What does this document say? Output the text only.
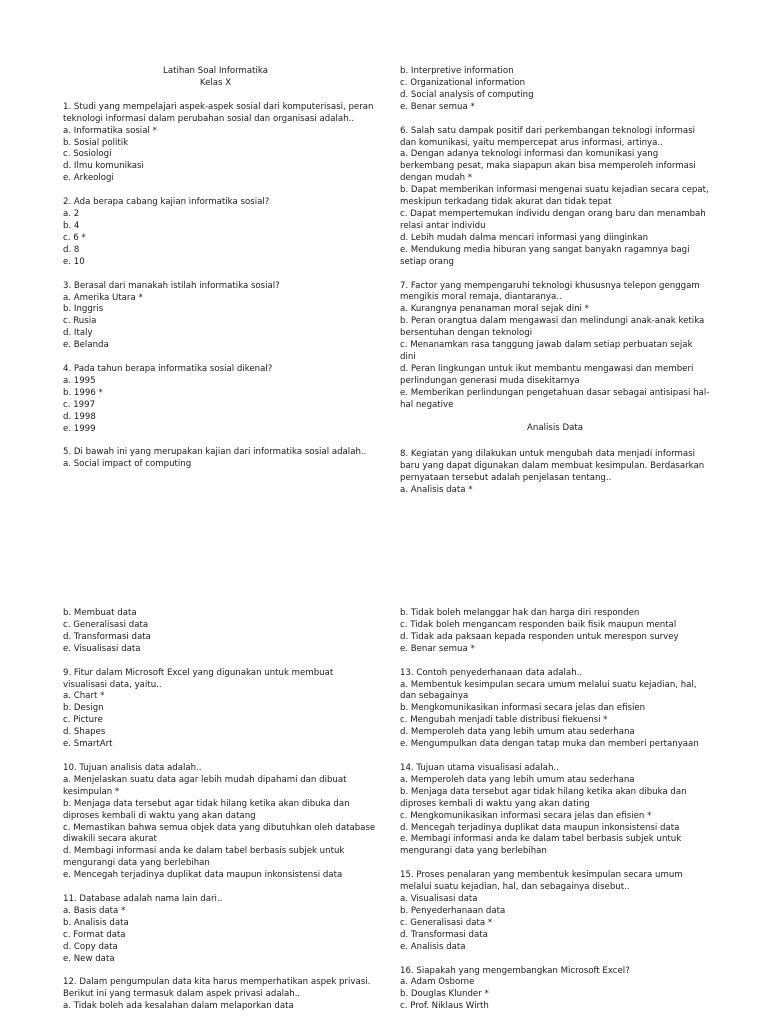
Latihan Soal Informatika

Kelas X

1. Studi yang mempelajari aspek-aspek sosial dari komputerisasi, peran teknologi informasi dalam perubahan sosial dan organisasi adalah..

a. Informatika sosial *

b. Sosial politik

c. Sosiologi

d. Ilmu komunikasi

e. Arkeologi

2. Ada berapa cabang kajian informatika sosial?

a. 2

b. 4

c. 6 *

d. 8

e. 10

3. Berasal dari manakah istilah informatika sosial?

a. Amerika Utara *

b. Inggris

c. Rusia

d. Italy

e. Belanda

4. Pada tahun berapa informatika sosial dikenal?

a. 1995

b. 1996 *

c. 1997

d. 1998

e. 1999

5. Di bawah ini yang merupakan kajian dari informatika sosial adalah..

a. Social impact of computing

b. Interpretive information

c. Organizational information

d. Social analysis of computing

e. Benar semua *

6. Salah satu dampak positif dari perkembangan teknologi informasi dan komunikasi, yaitu mempercepat arus informasi, artinya..

a. Dengan adanya teknologi informasi dan komunikasi yang berkembang pesat, maka siapapun akan bisa memperoleh informasi dengan mudah *

b. Dapat memberikan informasi mengenai suatu kejadian secara cepat, meskipun terkadang tidak akurat dan tidak tepat

c. Dapat mempertemukan individu dengan orang baru dan menambah relasi antar individu

d. Lebih mudah dalma mencari informasi yang diinginkan

e. Mendukung media hiburan yang sangat banyakn ragamnya bagi setiap orang

7. Factor yang mempengaruhi teknologi khususnya telepon genggam mengikis moral remaja, diantaranya..

a. Kurangnya penanaman moral sejak dini *

b. Peran orangtua dalam mengawasi dan melindungi anak-anak ketika bersentuhan dengan teknologi

c. Menanamkan rasa tanggung jawab dalam setiap perbuatan sejak dini

d. Peran lingkungan untuk ikut membantu mengawasi dan memberi perlindungan generasi muda disekitarnya

e. Memberikan perlindungan pengetahuan dasar sebagai antisipasi hal-hal negative

Analisis Data

8. Kegiatan yang dilakukan untuk mengubah data menjadi informasi baru yang dapat digunakan dalam membuat kesimpulan. Berdasarkan pernyataan tersebut adalah penjelasan tentang..

a. Analisis data *

b. Membuat data

c. Generalisasi data

d. Transformasi data

e. Visualisasi data

9. Fitur dalam Microsoft Excel yang digunakan untuk membuat visualisasi data, yaitu..

a. Chart *

b. Design

c. Picture

d. Shapes

e. SmartArt

10. Tujuan analisis data adalah..

a. Menjelaskan suatu data agar lebih mudah dipahami dan dibuat kesimpulan *

b. Menjaga data tersebut agar tidak hilang ketika akan dibuka dan diproses kembali di waktu yang akan datang

c. Memastikan bahwa semua objek data yang dibutuhkan oleh database diwakili secara akurat

d. Membagi informasi anda ke dalam tabel berbasis subjek untuk mengurangi data yang berlebihan

e. Mencegah terjadinya duplikat data maupun inkonsistensi data

11. Database adalah nama lain dari..

a. Basis data *

b. Analisis data

c. Format data

d. Copy data

e. New data

12. Dalam pengumpulan data kita harus memperhatikan aspek privasi. Berikut ini yang termasuk dalam aspek privasi adalah..

a. Tidak boleh ada kesalahan dalam melaporkan data

b. Tidak boleh melanggar hak dan harga diri responden

c. Tidak boleh mengancam responden baik fisik maupun mental

d. Tidak ada paksaan kepada responden untuk merespon survey

e. Benar semua *

13. Contoh penyederhanaan data adalah..

a. Membentuk kesimpulan secara umum melalui suatu kejadian, hal, dan sebagainya

b. Mengkomunikasikan informasi secara jelas dan efisien

c. Mengubah menjadi table distribusi fiekuensi *

d. Memperoleh data yang lebih umum atau sederhana

e. Mengumpulkan data dengan tatap muka dan memberi pertanyaan

14. Tujuan utama visualisasi adalah..

a. Memperoleh data yang lebih umum atau sederhana

b. Menjaga data tersebut agar tidak hilang ketika akan dibuka dan diproses kembali di waktu yang akan dating

c. Mengkomunikasikan informasi secara jelas dan efisien *

d. Mencegah terjadinya duplikat data maupun inkonsistensi data

e. Membagi informasi anda ke dalam tabel berbasis subjek untuk mengurangi data yang berlebihan

15. Proses penalaran yang membentuk kesimpulan secara umum melalui suatu kejadian, hal, dan sebagainya disebut..

a. Visualisasi data

b. Penyederhanaan data

c. Generalisasi data *

d. Transformasi data

e. Analisis data

16. Siapakah yang mengembangkan Microsoft Excel?

a. Adam Osborne

b. Douglas Klunder *

c. Prof. Niklaus Wirth
